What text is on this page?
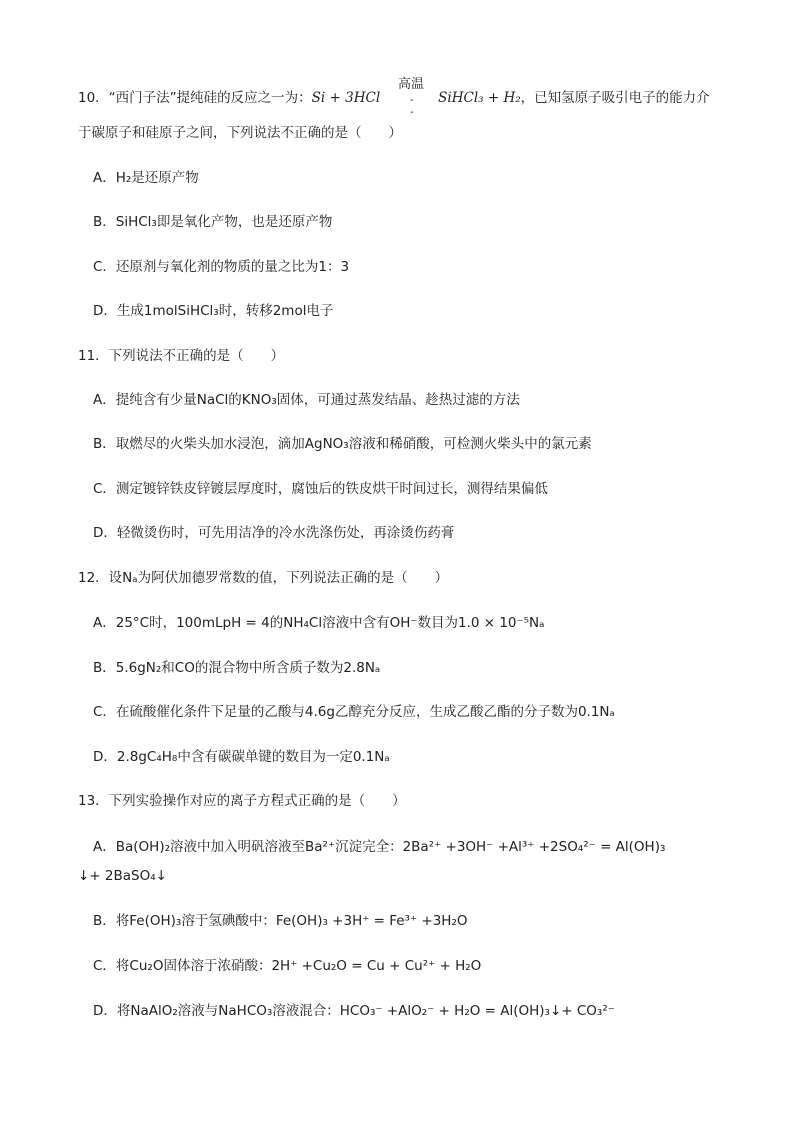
10．“西门子法”提纯硅的反应之一为：Si + 3HCl	SiHCl₃ + H₂，已知氢原子吸引电子的能力介
高温
-
-
于碳原子和硅原子之间，下列说法不正确的是（　　）
A．H₂是还原产物
B．SiHCl₃即是氧化产物，也是还原产物
C．还原剂与氧化剂的物质的量之比为1：3
D．生成1molSiHCl₃时，转移2mol电子
11．下列说法不正确的是（　　）
A．提纯含有少量NaCl的KNO₃固体，可通过蒸发结晶、趁热过滤的方法
B．取燃尽的火柴头加水浸泡，滴加AgNO₃溶液和稀硝酸，可检测火柴头中的氯元素
C．测定镀锌铁皮锌镀层厚度时，腐蚀后的铁皮烘干时间过长，测得结果偏低
D．轻微烫伤时，可先用洁净的冷水洗涤伤处，再涂烫伤药膏
12．设Nₐ为阿伏加德罗常数的值，下列说法正确的是（　　）
A．25°C时，100mLpH = 4的NH₄Cl溶液中含有OH⁻数目为1.0 × 10⁻⁵Nₐ
B．5.6gN₂和CO的混合物中所含质子数为2.8Nₐ
C．在硫酸催化条件下足量的乙酸与4.6g乙醇充分反应，生成乙酸乙酯的分子数为0.1Nₐ
D．2.8gC₄H₈中含有碳碳单键的数目为一定0.1Nₐ
13．下列实验操作对应的离子方程式正确的是（　　）
A．Ba(OH)₂溶液中加入明矾溶液至Ba²⁺沉淀完全：2Ba²⁺ +3OH⁻ +Al³⁺ +2SO₄²⁻ = Al(OH)₃
↓+ 2BaSO₄↓
B．将Fe(OH)₃溶于氢碘酸中：Fe(OH)₃ +3H⁺ = Fe³⁺ +3H₂O
C．将Cu₂O固体溶于浓硝酸：2H⁺ +Cu₂O = Cu + Cu²⁺ + H₂O
D．将NaAlO₂溶液与NaHCO₃溶液混合：HCO₃⁻ +AlO₂⁻ + H₂O = Al(OH)₃↓+ CO₃²⁻
